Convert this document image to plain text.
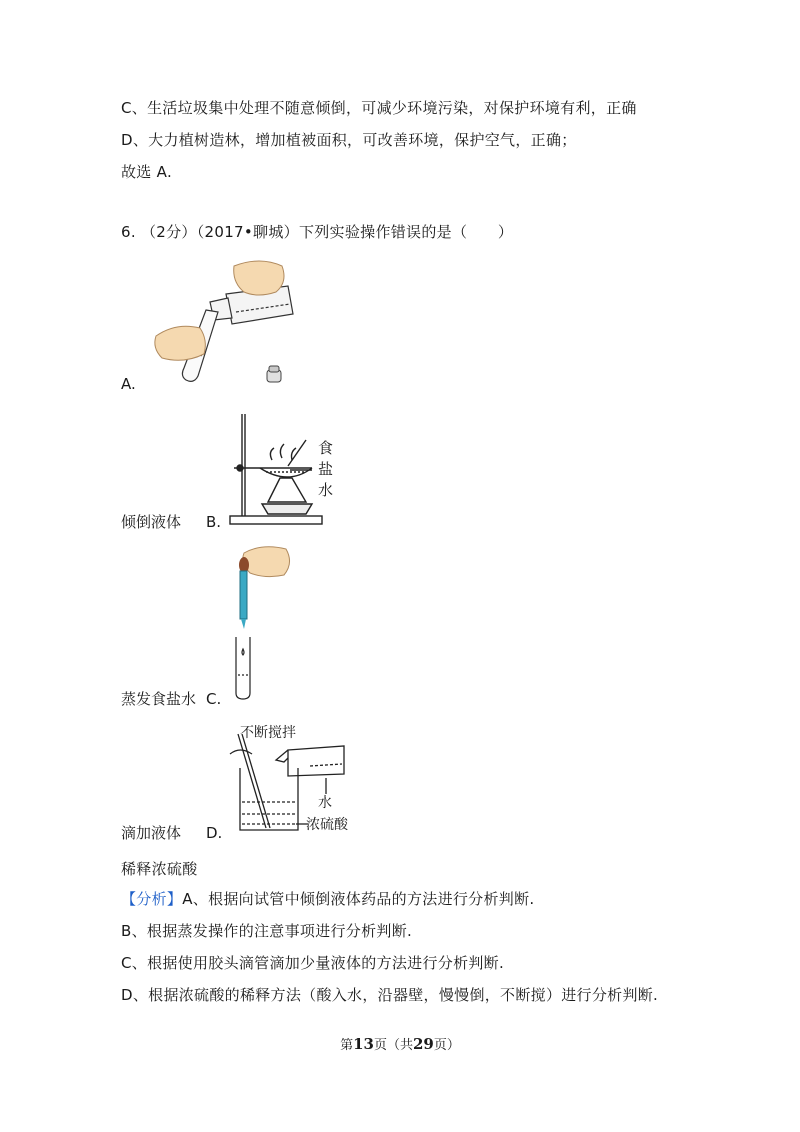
C、生活垃圾集中处理不随意倾倒，可减少环境污染，对保护环境有利，正确
D、大力植树造林，增加植被面积，可改善环境，保护空气，正确；
故选 A.
6. （2分）（2017•聊城）下列实验操作错误的是（　　）
A.
食
盐
水
倾倒液体 B.
蒸发食盐水 C.
不断搅拌
水
浓硫酸
滴加液体 D.
稀释浓硫酸
【分析】A、根据向试管中倾倒液体药品的方法进行分析判断.
B、根据蒸发操作的注意事项进行分析判断.
C、根据使用胶头滴管滴加少量液体的方法进行分析判断.
D、根据浓硫酸的稀释方法（酸入水，沿器壁，慢慢倒，不断搅）进行分析判断.
第13页（共29页）
